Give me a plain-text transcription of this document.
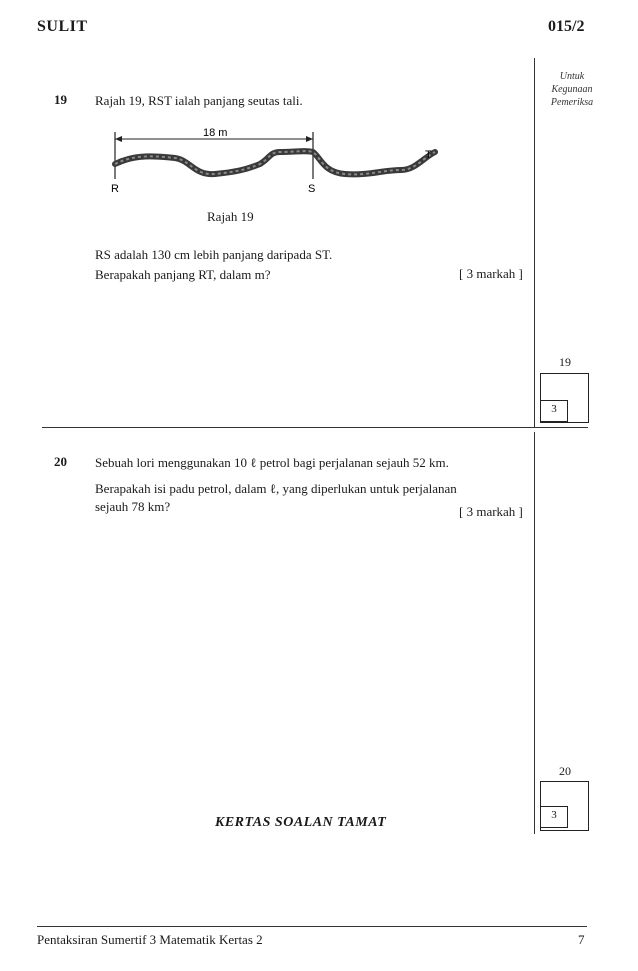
SULIT	015/2
Untuk
Kegunaan
Pemeriksa
19 Rajah 19, RST ialah panjang seutas tali.
18 m
R	S
T
Rajah 19
RS adalah 130 cm lebih panjang daripada ST.
Berapakah panjang RT, dalam m?	[ 3 markah ]
19
3
20 Sebuah lori menggunakan 10 ℓ petrol bagi perjalanan sejauh 52 km.
Berapakah isi padu petrol, dalam ℓ, yang diperlukan untuk perjalanan
sejauh 78 km?	[ 3 markah ]
20
3
KERTAS SOALAN TAMAT
Pentaksiran Sumertif 3 Matematik Kertas 2	7
